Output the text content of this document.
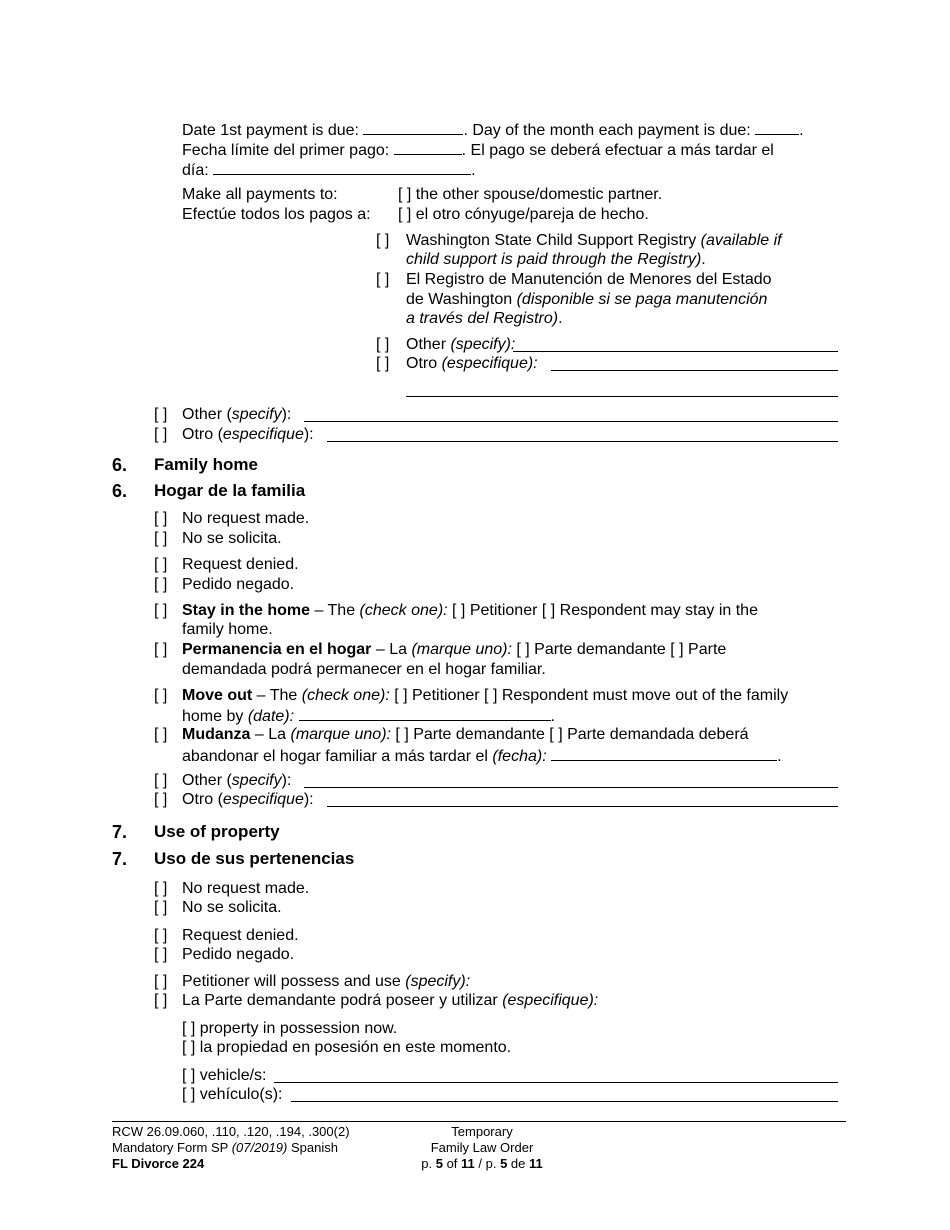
Date 1st payment is due:	. Day of the month each payment is due:	.
Fecha límite del primer pago:	. El pago se deberá efectuar a más tardar el
día:	.
Make all payments to:	[ ] the other spouse/domestic partner.
Efectúe todos los pagos a: [ ] el otro cónyuge/pareja de hecho.
[ ] Washington State Child Support Registry (available if
child support is paid through the Registry).
[ ] El Registro de Manutención de Menores del Estado
de Washington (disponible si se paga manutención
a través del Registro).
[ ] Other (specify):
[ ] Otro (especifique):
[ ] Other (specify):
[ ] Otro (especifique):
6. Family home
6. Hogar de la familia
[ ] No request made.
[ ] No se solicita.
[ ] Request denied.
[ ] Pedido negado.
[ ] Stay in the home – The (check one): [ ] Petitioner [ ] Respondent may stay in the
family home.
[ ] Permanencia en el hogar – La (marque uno): [ ] Parte demandante [ ] Parte
demandada podrá permanecer en el hogar familiar.
[ ] Move out – The (check one): [ ] Petitioner [ ] Respondent must move out of the family
home by (date):	.
[ ] Mudanza – La (marque uno): [ ] Parte demandante [ ] Parte demandada deberá
abandonar el hogar familiar a más tardar el (fecha):	.
[ ] Other (specify):
[ ] Otro (especifique):
7. Use of property
7. Uso de sus pertenencias
[ ] No request made.
[ ] No se solicita.
[ ] Request denied.
[ ] Pedido negado.
[ ] Petitioner will possess and use (specify):
[ ] La Parte demandante podrá poseer y utilizar (especifique):
[ ] property in possession now.
[ ] la propiedad en posesión en este momento.
[ ] vehicle/s:
[ ] vehículo(s):
RCW 26.09.060, .110, .120, .194, .300(2)
Mandatory Form SP (07/2019) Spanish
FL Divorce 224
Temporary
Family Law Order
p. 5 of 11 / p. 5 de 11
